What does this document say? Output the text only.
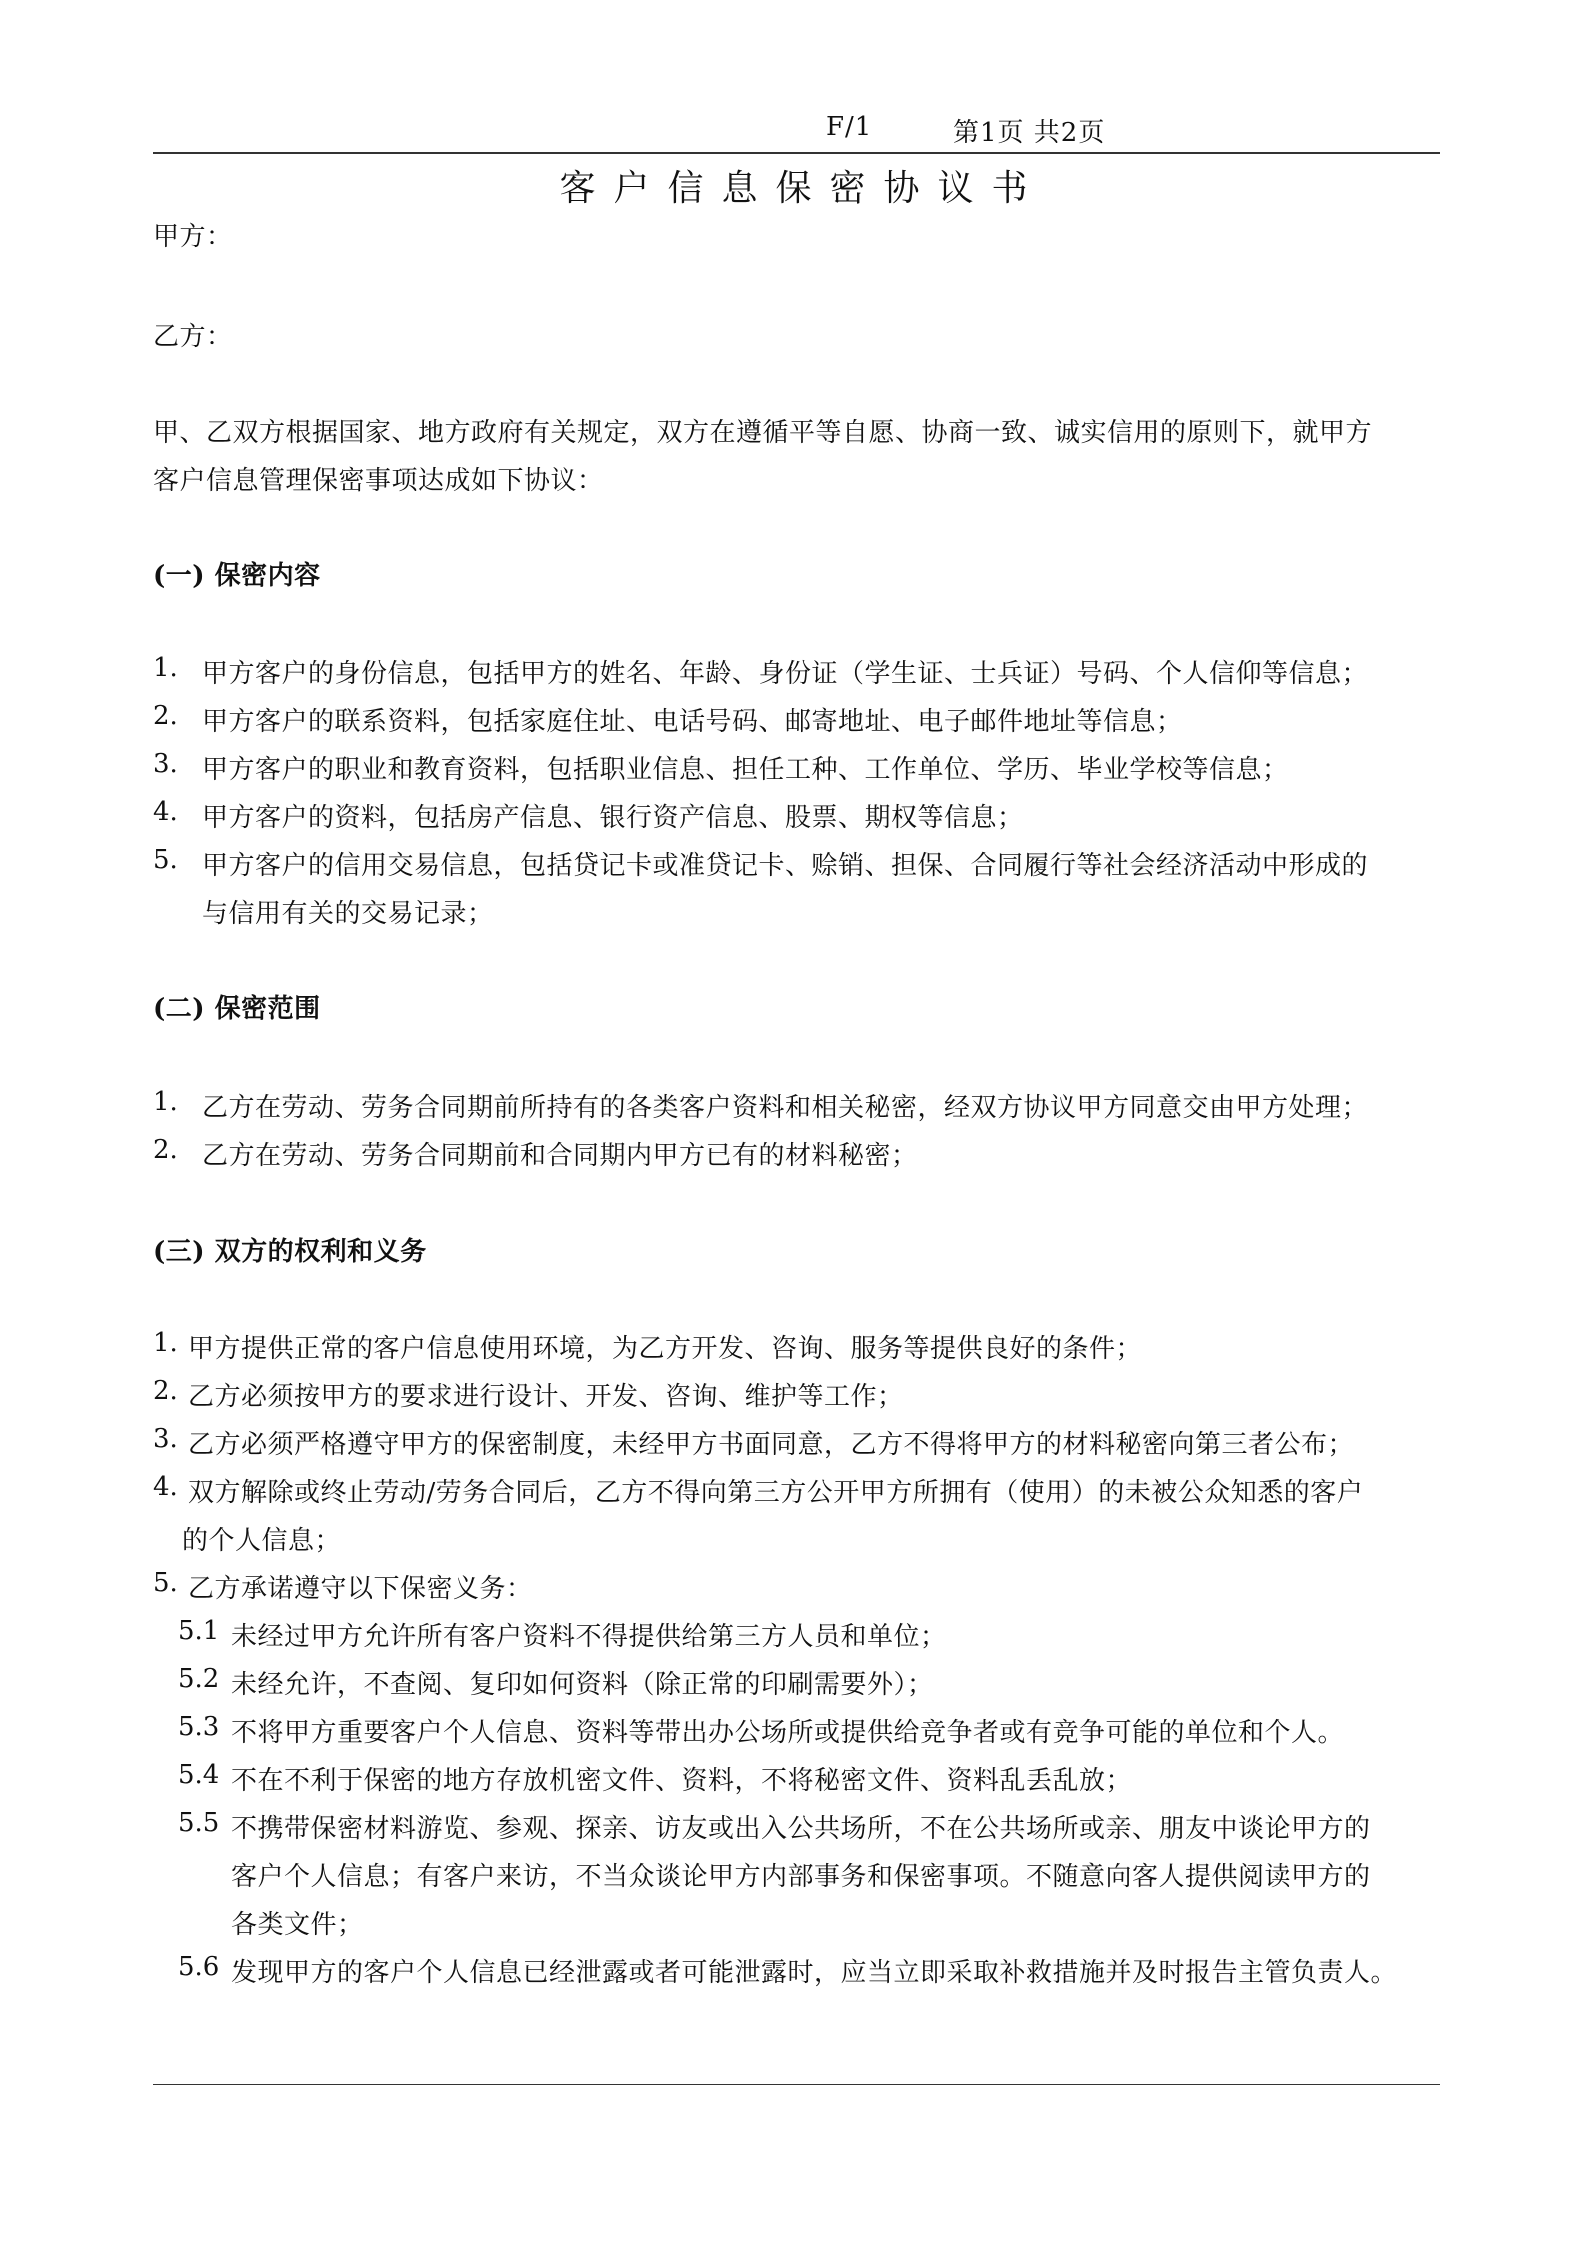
F/1	第1页 共2页
客户信息保密协议书
甲方：
乙方：
甲、乙双方根据国家、地方政府有关规定，双方在遵循平等自愿、协商一致、诚实信用的原则下，就甲方
客户信息管理保密事项达成如下协议：
(一) 保密内容
1. 甲方客户的身份信息，包括甲方的姓名、年龄、身份证（学生证、士兵证）号码、个人信仰等信息；
2. 甲方客户的联系资料，包括家庭住址、电话号码、邮寄地址、电子邮件地址等信息；
3. 甲方客户的职业和教育资料，包括职业信息、担任工种、工作单位、学历、毕业学校等信息；
4. 甲方客户的资料，包括房产信息、银行资产信息、股票、期权等信息；
5. 甲方客户的信用交易信息，包括贷记卡或准贷记卡、赊销、担保、合同履行等社会经济活动中形成的
与信用有关的交易记录；
(二) 保密范围
1. 乙方在劳动、劳务合同期前所持有的各类客户资料和相关秘密，经双方协议甲方同意交由甲方处理；
2. 乙方在劳动、劳务合同期前和合同期内甲方已有的材料秘密；
(三) 双方的权利和义务
1. 甲方提供正常的客户信息使用环境，为乙方开发、咨询、服务等提供良好的条件；
2. 乙方必须按甲方的要求进行设计、开发、咨询、维护等工作；
3. 乙方必须严格遵守甲方的保密制度，未经甲方书面同意，乙方不得将甲方的材料秘密向第三者公布；
4. 双方解除或终止劳动/劳务合同后，乙方不得向第三方公开甲方所拥有（使用）的未被公众知悉的客户
的个人信息；
5. 乙方承诺遵守以下保密义务：
5.1 未经过甲方允许所有客户资料不得提供给第三方人员和单位；
5.2 未经允许，不查阅、复印如何资料（除正常的印刷需要外）；
5.3 不将甲方重要客户个人信息、资料等带出办公场所或提供给竞争者或有竞争可能的单位和个人。
5.4 不在不利于保密的地方存放机密文件、资料，不将秘密文件、资料乱丢乱放；
5.5 不携带保密材料游览、参观、探亲、访友或出入公共场所，不在公共场所或亲、朋友中谈论甲方的
客户个人信息；有客户来访，不当众谈论甲方内部事务和保密事项。不随意向客人提供阅读甲方的
各类文件；
5.6 发现甲方的客户个人信息已经泄露或者可能泄露时，应当立即采取补救措施并及时报告主管负责人。
